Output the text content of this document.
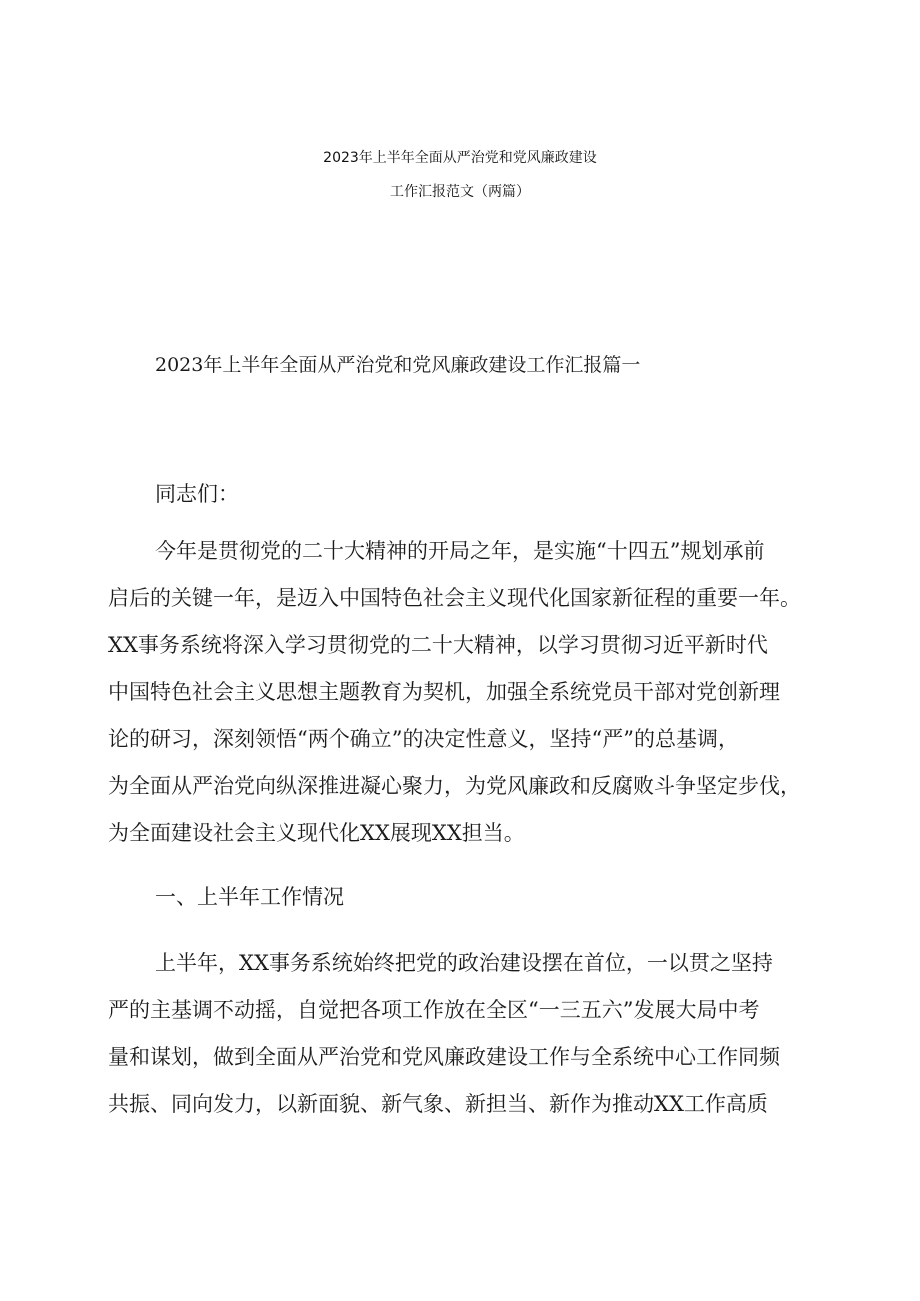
2023年上半年全面从严治党和党风廉政建设
工作汇报范文（两篇）

2023年上半年全面从严治党和党风廉政建设工作汇报篇一

同志们：

今年是贯彻党的二十大精神的开局之年，是实施“十四五”规划承前

启后的关键一年，是迈入中国特色社会主义现代化国家新征程的重要一年。

XX事务系统将深入学习贯彻党的二十大精神，以学习贯彻习近平新时代

中国特色社会主义思想主题教育为契机，加强全系统党员干部对党创新理

论的研习，深刻领悟“两个确立”的决定性意义，坚持“严”的总基调，

为全面从严治党向纵深推进凝心聚力，为党风廉政和反腐败斗争坚定步伐，

为全面建设社会主义现代化XX展现XX担当。

一、上半年工作情况

上半年，XX事务系统始终把党的政治建设摆在首位，一以贯之坚持

严的主基调不动摇，自觉把各项工作放在全区“一三五六”发展大局中考

量和谋划，做到全面从严治党和党风廉政建设工作与全系统中心工作同频

共振、同向发力，以新面貌、新气象、新担当、新作为推动XX工作高质
